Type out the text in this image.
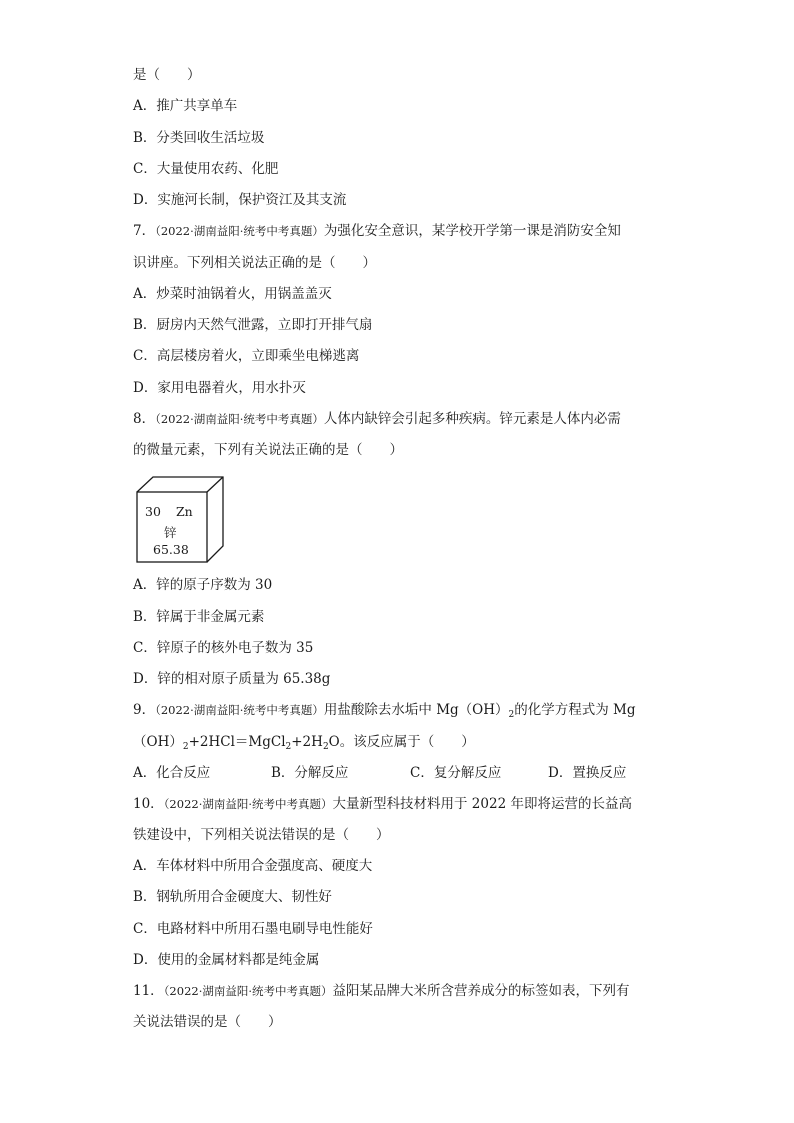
是（　　）
A．推广共享单车
B．分类回收生活垃圾
C．大量使用农药、化肥
D．实施河长制，保护资江及其支流
7．（2022·湖南益阳·统考中考真题）为强化安全意识，某学校开学第一课是消防安全知
识讲座。下列相关说法正确的是（　　）
A．炒菜时油锅着火，用锅盖盖灭
B．厨房内天然气泄露，立即打开排气扇
C．高层楼房着火，立即乘坐电梯逃离
D．家用电器着火，用水扑灭
8．（2022·湖南益阳·统考中考真题）人体内缺锌会引起多种疾病。锌元素是人体内必需
的微量元素，下列有关说法正确的是（　　）
30 Zn
锌
65.38
A．锌的原子序数为 30
B．锌属于非金属元素
C．锌原子的核外电子数为 35
D．锌的相对原子质量为 65.38g
9．（2022·湖南益阳·统考中考真题）用盐酸除去水垢中 $Mg(OH)_2$的化学方程式为 Mg
$(OH)_2+2HCl=MgCl_2+2H_2O$。该反应属于（　　）
A．化合反应	B．分解反应	C．复分解反应	D．置换反应
10．（2022·湖南益阳·统考中考真题）大量新型科技材料用于 2022 年即将运营的长益高
铁建设中，下列相关说法错误的是（　　）
A．车体材料中所用合金强度高、硬度大
B．钢轨所用合金硬度大、韧性好
C．电路材料中所用石墨电刷导电性能好
D．使用的金属材料都是纯金属
11．（2022·湖南益阳·统考中考真题）益阳某品牌大米所含营养成分的标签如表，下列有
关说法错误的是（　　）
